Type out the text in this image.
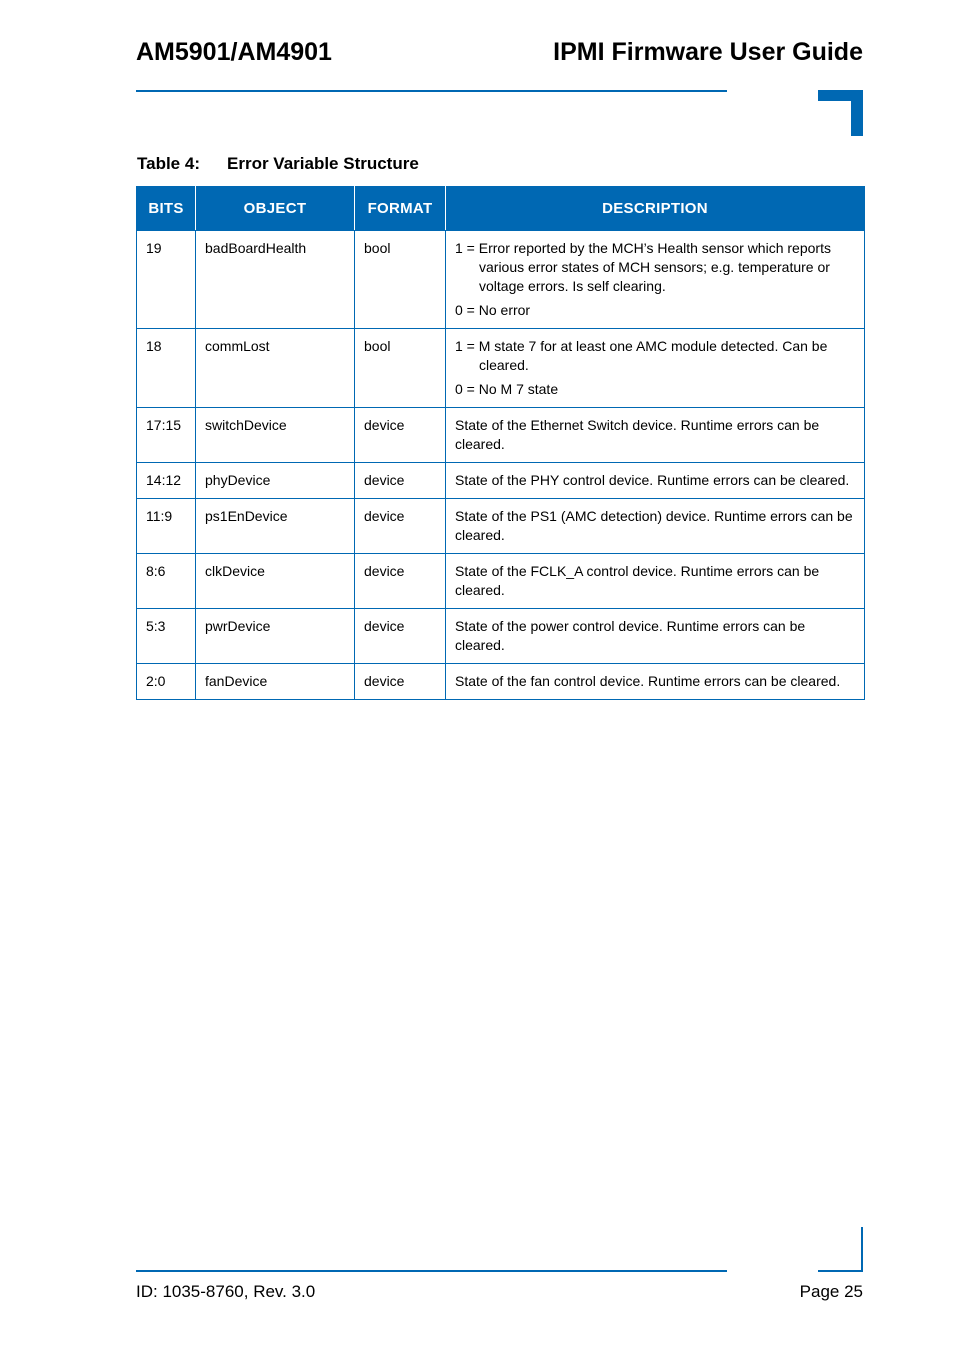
AM5901/AM4901	IPMI Firmware User Guide
Table 4: Error Variable Structure
BITS	OBJECT	FORMAT	DESCRIPTION
19	badBoardHealth	bool	1 = Error reported by the MCH’s Health sensor which reports various error states of MCH sensors; e.g. temperature or voltage errors. Is self clearing.

0 = No error

18	commLost	bool	1 = M state 7 for at least one AMC module detected. Can be cleared.

0 = No M 7 state

17:15	switchDevice	device	State of the Ethernet Switch device. Runtime errors can be cleared.

14:12	phyDevice	device	State of the PHY control device. Runtime errors can be cleared.

11:9	ps1EnDevice	device	State of the PS1 (AMC detection) device. Runtime errors can be cleared.

8:6	clkDevice	device	State of the FCLK_A control device. Runtime errors can be cleared.

5:3	pwrDevice	device	State of the power control device. Runtime errors can be cleared.

2:0	fanDevice	device	State of the fan control device. Runtime errors can be cleared.

ID: 1035-8760, Rev. 3.0	Page 25
